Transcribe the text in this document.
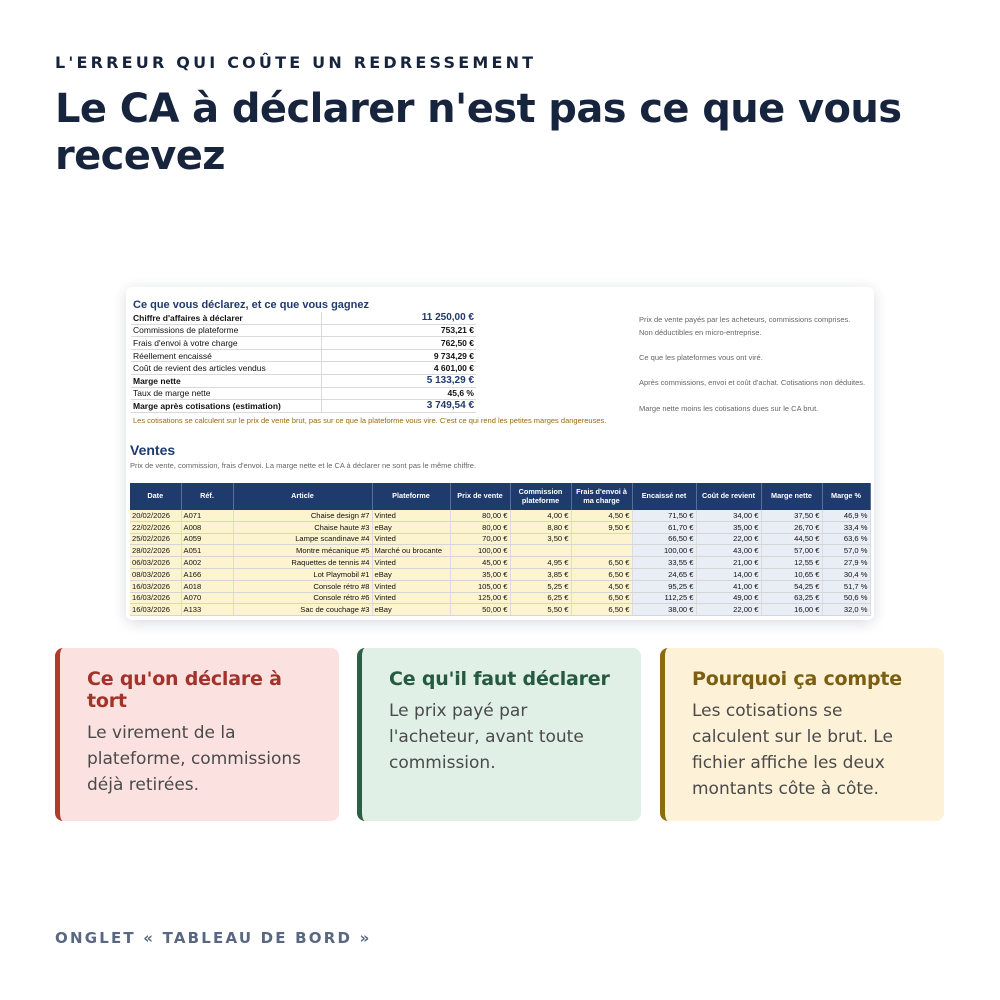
L'ERREUR QUI COÛTE UN REDRESSEMENT
Le CA à déclarer n'est pas ce que vous recevez
Ce que vous déclarez, et ce que vous gagnez
Chiffre d'affaires à déclarer	11 250,00 €
Commissions de plateforme	753,21 €
Frais d'envoi à votre charge	762,50 €
Réellement encaissé	9 734,29 €
Coût de revient des articles vendus	4 601,00 €
Marge nette	5 133,29 €
Taux de marge nette	45,6 %
Marge après cotisations (estimation)	3 749,54 €
Prix de vente payés par les acheteurs, commissions comprises.
Non déductibles en micro-entreprise.
Ce que les plateformes vous ont viré.
Après commissions, envoi et coût d'achat. Cotisations non déduites.
Marge nette moins les cotisations dues sur le CA brut.
Les cotisations se calculent sur le prix de vente brut, pas sur ce que la plateforme vous vire. C'est ce qui rend les petites marges dangereuses.
Ventes
Prix de vente, commission, frais d'envoi. La marge nette et le CA à déclarer ne sont pas le même chiffre.
Date	Réf.	Article	Plateforme	Prix de vente	Commission plateforme	Frais d'envoi à ma charge	Encaissé net	Coût de revient	Marge nette	Marge %
20/02/2026	A071	Chaise design #7	Vinted	80,00 €	4,00 €	4,50 €	71,50 €	34,00 €	37,50 €	46,9 %
22/02/2026	A008	Chaise haute #3	eBay	80,00 €	8,80 €	9,50 €	61,70 €	35,00 €	26,70 €	33,4 %
25/02/2026	A059	Lampe scandinave #4	Vinted	70,00 €	3,50 €		66,50 €	22,00 €	44,50 €	63,6 %
28/02/2026	A051	Montre mécanique #5	Marché ou brocante	100,00 €			100,00 €	43,00 €	57,00 €	57,0 %
06/03/2026	A002	Raquettes de tennis #4	Vinted	45,00 €	4,95 €	6,50 €	33,55 €	21,00 €	12,55 €	27,9 %
08/03/2026	A166	Lot Playmobil #1	eBay	35,00 €	3,85 €	6,50 €	24,65 €	14,00 €	10,65 €	30,4 %
16/03/2026	A018	Console rétro #8	Vinted	105,00 €	5,25 €	4,50 €	95,25 €	41,00 €	54,25 €	51,7 %
16/03/2026	A070	Console rétro #6	Vinted	125,00 €	6,25 €	6,50 €	112,25 €	49,00 €	63,25 €	50,6 %
16/03/2026	A133	Sac de couchage #3	eBay	50,00 €	5,50 €	6,50 €	38,00 €	22,00 €	16,00 €	32,0 %
Ce qu'on déclare à tort

Le virement de la plateforme, commissions déjà retirées.

Ce qu'il faut déclarer

Le prix payé par l'acheteur, avant toute commission.

Pourquoi ça compte

Les cotisations se calculent sur le brut. Le fichier affiche les deux montants côte à côte.

ONGLET « TABLEAU DE BORD »
